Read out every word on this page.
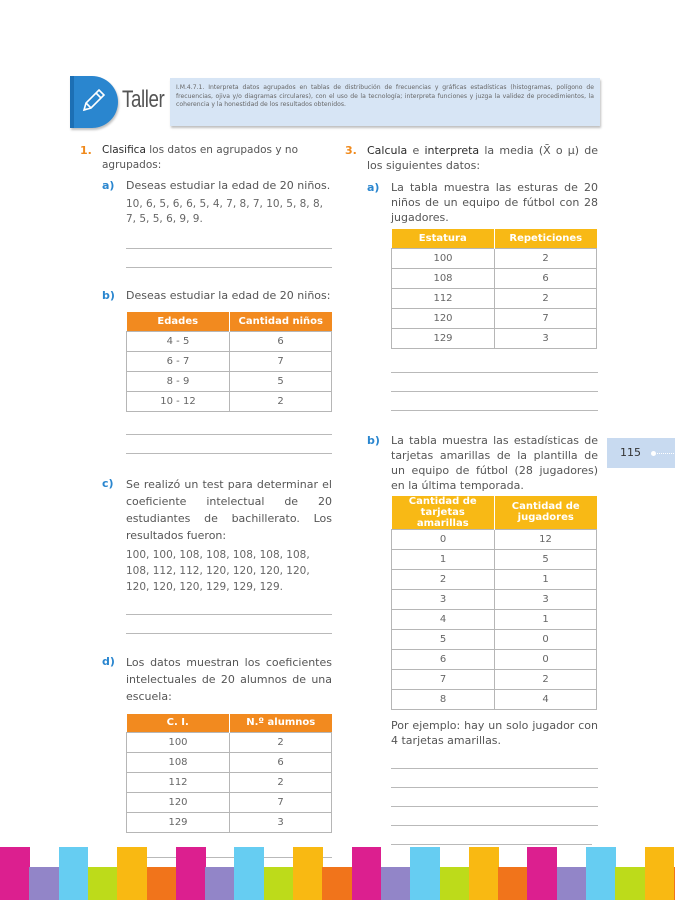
Taller I.M.4.7.1. Interpreta datos agrupados en tablas de distribución de frecuencias y gráficas estadísticas (histogramas, polígono de frecuencias, ojiva y/o diagramas circulares), con el uso de la tecnología; interpreta funciones y juzga la validez de procedimientos, la coherencia y la honestidad de los resultados obtenidos.

1. Clasifica los datos en agrupados y no agrupados:
a) Deseas estudiar la edad de 20 niños.
10, 6, 5, 6, 6, 5, 4, 7, 8, 7, 10, 5, 8, 8, 7, 5, 5, 6, 9, 9.
b) Deseas estudiar la edad de 20 niños:
Edades	Cantidad niños
4 - 5	6
6 - 7	7
8 - 9	5
10 - 12	2
c) Se realizó un test para determinar el coeficiente intelectual de 20 estudiantes de bachillerato. Los resultados fueron:
100, 100, 108, 108, 108, 108, 108, 108, 112, 112, 120, 120, 120, 120, 120, 120, 120, 129, 129, 129.
d) Los datos muestran los coeficientes intelectuales de 20 alumnos de una escuela:
C. I.	N.º alumnos
100	2
108	6
112	2
120	7
129	3
3. Calcula e interpreta la media (X̄ o μ) de los siguientes datos:
a) La tabla muestra las esturas de 20 niños de un equipo de fútbol con 28 jugadores.
Estatura	Repeticiones
100	2
108	6
112	2
120	7
129	3
b) La tabla muestra las estadísticas de tarjetas amarillas de la plantilla de un equipo de fútbol (28 jugadores) en la última temporada.
Cantidad de tarjetas amarillas	Cantidad de jugadores
0	12
1	5
2	1
3	3
4	1
5	0
6	0
7	2
8	4
Por ejemplo: hay un solo jugador con 4 tarjetas amarillas.
115
